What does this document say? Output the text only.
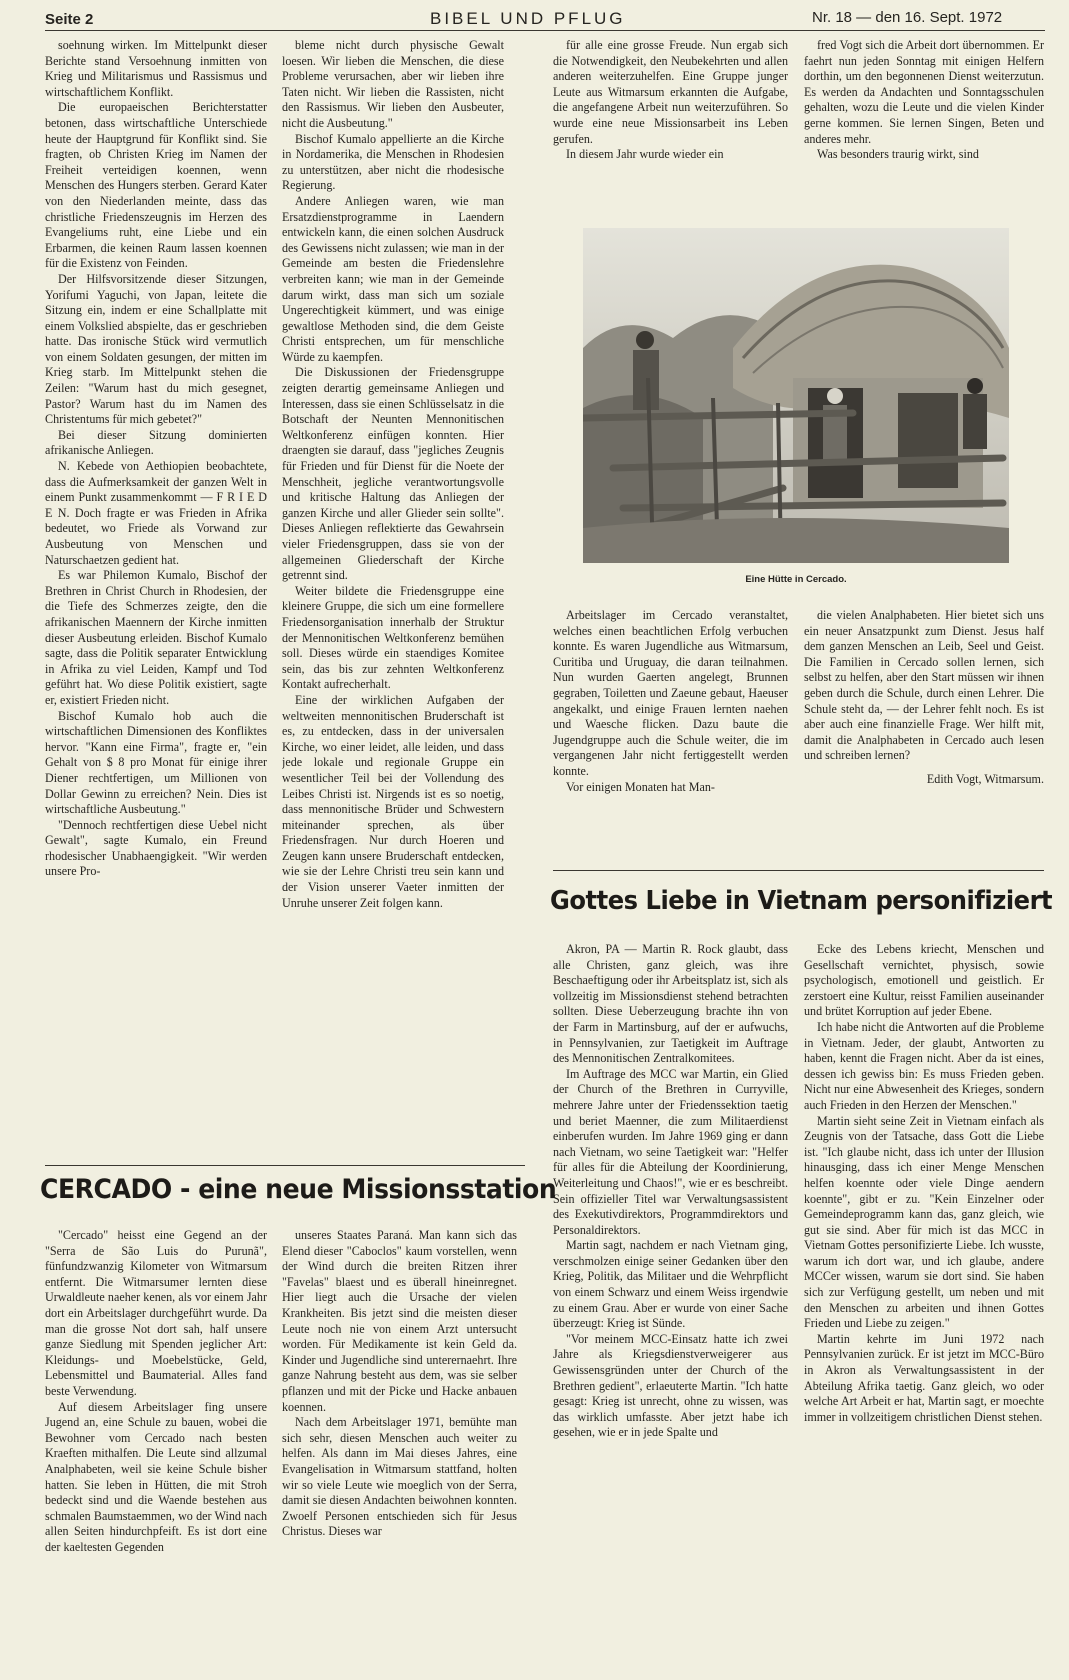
Seite 2	BIBEL UND PFLUG	Nr. 18 — den 16. Sept. 1972

soehnung wirken. Im Mittelpunkt dieser Berichte stand Versoehnung inmitten von Krieg und Militarismus und Rassismus und wirtschaftlichem Konflikt.

Die europaeischen Berichterstatter betonen, dass wirtschaftliche Unterschiede heute der Hauptgrund für Konflikt sind. Sie fragten, ob Christen Krieg im Namen der Freiheit verteidigen koennen, wenn Menschen des Hungers sterben. Gerard Kater von den Niederlanden meinte, dass das christliche Friedenszeugnis im Herzen des Evangeliums ruht, eine Liebe und ein Erbarmen, die keinen Raum lassen koennen für die Existenz von Feinden.

Der Hilfsvorsitzende dieser Sitzungen, Yorifumi Yaguchi, von Japan, leitete die Sitzung ein, indem er eine Schallplatte mit einem Volkslied abspielte, das er geschrieben hatte. Das ironische Stück wird vermutlich von einem Soldaten gesungen, der mitten im Krieg starb. Im Mittelpunkt stehen die Zeilen: "Warum hast du mich gesegnet, Pastor? Warum hast du im Namen des Christentums für mich gebetet?"

Bei dieser Sitzung dominierten afrikanische Anliegen.

N. Kebede von Aethiopien beobachtete, dass die Aufmerksamkeit der ganzen Welt in einem Punkt zusammenkommt — F R I E D E N. Doch fragte er was Frieden in Afrika bedeutet, wo Friede als Vorwand zur Ausbeutung von Menschen und Naturschaetzen gedient hat.

Es war Philemon Kumalo, Bischof der Brethren in Christ Church in Rhodesien, der die Tiefe des Schmerzes zeigte, den die afrikanischen Maennern der Kirche inmitten dieser Ausbeutung erleiden. Bischof Kumalo sagte, dass die Politik separater Entwicklung in Afrika zu viel Leiden, Kampf und Tod geführt hat. Wo diese Politik existiert, sagte er, existiert Frieden nicht.

Bischof Kumalo hob auch die wirtschaftlichen Dimensionen des Konfliktes hervor. "Kann eine Firma", fragte er, "ein Gehalt von $ 8 pro Monat für einige ihrer Diener rechtfertigen, um Millionen von Dollar Gewinn zu erreichen? Nein. Dies ist wirtschaftliche Ausbeutung."

"Dennoch rechtfertigen diese Uebel nicht Gewalt", sagte Kumalo, ein Freund rhodesischer Unabhaengigkeit. "Wir werden unsere Pro-

bleme nicht durch physische Gewalt loesen. Wir lieben die Menschen, die diese Probleme verursachen, aber wir lieben ihre Taten nicht. Wir lieben die Rassisten, nicht den Rassismus. Wir lieben den Ausbeuter, nicht die Ausbeutung."

Bischof Kumalo appellierte an die Kirche in Nordamerika, die Menschen in Rhodesien zu unterstützen, aber nicht die rhodesische Regierung.

Andere Anliegen waren, wie man Ersatzdienstprogramme in Laendern entwickeln kann, die einen solchen Ausdruck des Gewissens nicht zulassen; wie man in der Gemeinde am besten die Friedenslehre verbreiten kann; wie man in der Gemeinde darum wirkt, dass man sich um soziale Ungerechtigkeit kümmert, und was einige gewaltlose Methoden sind, die dem Geiste Christi entsprechen, um für menschliche Würde zu kaempfen.

Die Diskussionen der Friedensgruppe zeigten derartig gemeinsame Anliegen und Interessen, dass sie einen Schlüsselsatz in die Botschaft der Neunten Mennonitischen Weltkonferenz einfügen konnten. Hier draengten sie darauf, dass "jegliches Zeugnis für Frieden und für Dienst für die Noete der Menschheit, jegliche verantwortungsvolle und kritische Haltung das Anliegen der ganzen Kirche und aller Glieder sein sollte". Dieses Anliegen reflektierte das Gewahrsein vieler Friedensgruppen, dass sie von der allgemeinen Gliederschaft der Kirche getrennt sind.

Weiter bildete die Friedensgruppe eine kleinere Gruppe, die sich um eine formellere Friedensorganisation innerhalb der Struktur der Mennonitischen Weltkonferenz bemühen soll. Dieses würde ein staendiges Komitee sein, das bis zur zehnten Weltkonferenz Kontakt aufrecherhalt.

Eine der wirklichen Aufgaben der weltweiten mennonitischen Bruderschaft ist es, zu entdecken, dass in der universalen Kirche, wo einer leidet, alle leiden, und dass jede lokale und regionale Gruppe ein wesentlicher Teil bei der Vollendung des Leibes Christi ist. Nirgends ist es so noetig, dass mennonitische Brüder und Schwestern miteinander sprechen, als über Friedensfragen. Nur durch Hoeren und Zeugen kann unsere Bruderschaft entdecken, wie sie der Lehre Christi treu sein kann und der Vision unserer Vaeter inmitten der Unruhe unserer Zeit folgen kann.

für alle eine grosse Freude. Nun ergab sich die Notwendigkeit, den Neubekehrten und allen anderen weiterzuhelfen. Eine Gruppe junger Leute aus Witmarsum erkannten die Aufgabe, die angefangene Arbeit nun weiterzuführen. So wurde eine neue Missionsarbeit ins Leben gerufen.

In diesem Jahr wurde wieder ein

fred Vogt sich die Arbeit dort übernommen. Er faehrt nun jeden Sonntag mit einigen Helfern dorthin, um den begonnenen Dienst weiterzutun. Es werden da Andachten und Sonntagsschulen gehalten, wozu die Leute und die vielen Kinder gerne kommen. Sie lernen Singen, Beten und anderes mehr.

Was besonders traurig wirkt, sind

Eine Hütte in Cercado.

Arbeitslager im Cercado veranstaltet, welches einen beachtlichen Erfolg verbuchen konnte. Es waren Jugendliche aus Witmarsum, Curitiba und Uruguay, die daran teilnahmen. Nun wurden Gaerten angelegt, Brunnen gegraben, Toiletten und Zaeune gebaut, Haeuser angekalkt, und einige Frauen lernten naehen und Waesche flicken. Dazu baute die Jugendgruppe auch die Schule weiter, die im vergangenen Jahr nicht fertiggestellt werden konnte.

Vor einigen Monaten hat Man-

die vielen Analphabeten. Hier bietet sich uns ein neuer Ansatzpunkt zum Dienst. Jesus half dem ganzen Menschen an Leib, Seel und Geist. Die Familien in Cercado sollen lernen, sich selbst zu helfen, aber den Start müssen wir ihnen geben durch die Schule, durch einen Lehrer. Die Schule steht da, — der Lehrer fehlt noch. Es ist aber auch eine finanzielle Frage. Wer hilft mit, damit die Analphabeten in Cercado auch lesen und schreiben lernen?

Edith Vogt, Witmarsum.

Gottes Liebe in Vietnam personifiziert

Akron, PA — Martin R. Rock glaubt, dass alle Christen, ganz gleich, was ihre Beschaeftigung oder ihr Arbeitsplatz ist, sich als vollzeitig im Missionsdienst stehend betrachten sollten. Diese Ueberzeugung brachte ihn von der Farm in Martinsburg, auf der er aufwuchs, in Pennsylvanien, zur Taetigkeit im Auftrage des Mennonitischen Zentralkomitees.

Im Auftrage des MCC war Martin, ein Glied der Church of the Brethren in Curryville, mehrere Jahre unter der Friedenssektion taetig und beriet Maenner, die zum Militaerdienst einberufen wurden. Im Jahre 1969 ging er dann nach Vietnam, wo seine Taetigkeit war: "Helfer für alles für die Abteilung der Koordinierung, Weiterleitung und Chaos!", wie er es beschreibt. Sein offizieller Titel war Verwaltungsassistent des Exekutivdirektors, Programmdirektors und Personaldirektors.

Martin sagt, nachdem er nach Vietnam ging, verschmolzen einige seiner Gedanken über den Krieg, Politik, das Militaer und die Wehrpflicht von einem Schwarz und einem Weiss irgendwie zu einem Grau. Aber er wurde von einer Sache überzeugt: Krieg ist Sünde.

"Vor meinem MCC-Einsatz hatte ich zwei Jahre als Kriegsdienstverweigerer aus Gewissensgründen unter der Church of the Brethren gedient", erlaeuterte Martin. "Ich hatte gesagt: Krieg ist unrecht, ohne zu wissen, was das wirklich umfasste. Aber jetzt habe ich gesehen, wie er in jede Spalte und

Ecke des Lebens kriecht, Menschen und Gesellschaft vernichtet, physisch, sowie psychologisch, emotionell und geistlich. Er zerstoert eine Kultur, reisst Familien auseinander und brütet Korruption auf jeder Ebene.

Ich habe nicht die Antworten auf die Probleme in Vietnam. Jeder, der glaubt, Antworten zu haben, kennt die Fragen nicht. Aber da ist eines, dessen ich gewiss bin: Es muss Frieden geben. Nicht nur eine Abwesenheit des Krieges, sondern auch Frieden in den Herzen der Menschen."

Martin sieht seine Zeit in Vietnam einfach als Zeugnis von der Tatsache, dass Gott die Liebe ist. "Ich glaube nicht, dass ich unter der Illusion hinausging, dass ich einer Menge Menschen helfen koennte oder viele Dinge aendern koennte", gibt er zu. "Kein Einzelner oder Gemeindeprogramm kann das, ganz gleich, wie gut sie sind. Aber für mich ist das MCC in Vietnam Gottes personifizierte Liebe. Ich wusste, warum ich dort war, und ich glaube, andere MCCer wissen, warum sie dort sind. Sie haben sich zur Verfügung gestellt, um neben und mit den Menschen zu arbeiten und ihnen Gottes Frieden und Liebe zu zeigen."

Martin kehrte im Juni 1972 nach Pennsylvanien zurück. Er ist jetzt im MCC-Büro in Akron als Verwaltungsassistent in der Abteilung Afrika taetig. Ganz gleich, wo oder welche Art Arbeit er hat, Martin sagt, er moechte immer in vollzeitigem christlichen Dienst stehen.

CERCADO - eine neue Missionsstation

"Cercado" heisst eine Gegend an der "Serra de São Luis do Purunã", fünfundzwanzig Kilometer von Witmarsum entfernt. Die Witmarsumer lernten diese Urwaldleute naeher kenen, als vor einem Jahr dort ein Arbeitslager durchgeführt wurde. Da man die grosse Not dort sah, half unsere ganze Siedlung mit Spenden jeglicher Art: Kleidungs- und Moebelstücke, Geld, Lebensmittel und Baumaterial. Alles fand beste Verwendung.

Auf diesem Arbeitslager fing unsere Jugend an, eine Schule zu bauen, wobei die Bewohner vom Cercado nach besten Kraeften mithalfen. Die Leute sind allzumal Analphabeten, weil sie keine Schule bisher hatten. Sie leben in Hütten, die mit Stroh bedeckt sind und die Waende bestehen aus schmalen Baumstaemmen, wo der Wind nach allen Seiten hindurchpfeift. Es ist dort eine der kaeltesten Gegenden

unseres Staates Paraná. Man kann sich das Elend dieser "Caboclos" kaum vorstellen, wenn der Wind durch die breiten Ritzen ihrer "Favelas" blaest und es überall hineinregnet. Hier liegt auch die Ursache der vielen Krankheiten. Bis jetzt sind die meisten dieser Leute noch nie von einem Arzt untersucht worden. Für Medikamente ist kein Geld da. Kinder und Jugendliche sind unterernaehrt. Ihre ganze Nahrung besteht aus dem, was sie selber pflanzen und mit der Picke und Hacke anbauen koennen.

Nach dem Arbeitslager 1971, bemühte man sich sehr, diesen Menschen auch weiter zu helfen. Als dann im Mai dieses Jahres, eine Evangelisation in Witmarsum stattfand, holten wir so viele Leute wie moeglich von der Serra, damit sie diesen Andachten beiwohnen konnten. Zwoelf Personen entschieden sich für Jesus Christus. Dieses war
